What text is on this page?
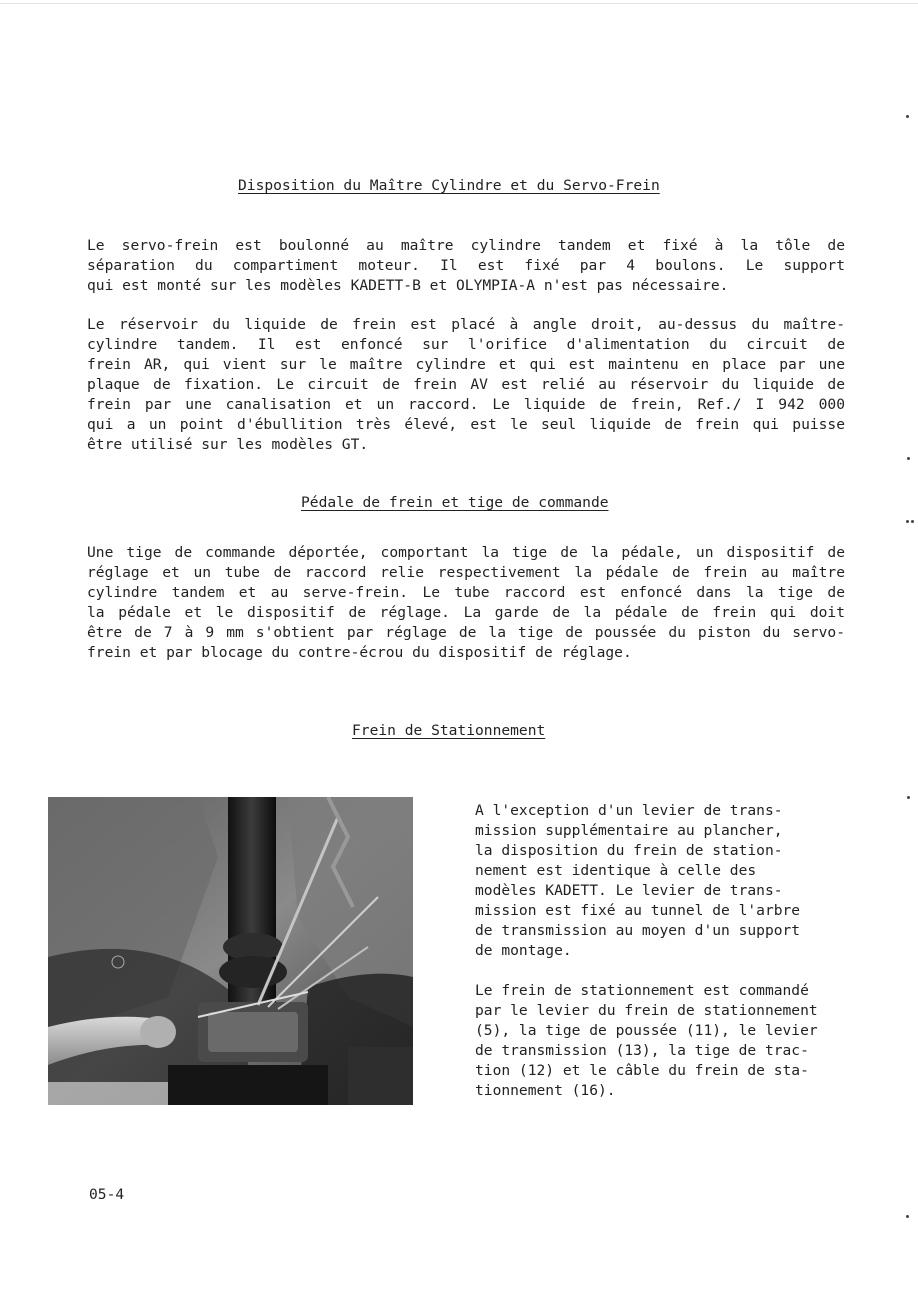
Disposition du Maître Cylindre et du Servo-Frein
Le servo-frein est boulonné au maître cylindre tandem et fixé à la tôle de
séparation du compartiment moteur. Il est fixé par 4 boulons. Le support
qui est monté sur les modèles KADETT-B et OLYMPIA-A n'est pas nécessaire.
Le réservoir du liquide de frein est placé à angle droit, au-dessus du maître-
cylindre tandem. Il est enfoncé sur l'orifice d'alimentation du circuit de
frein AR, qui vient sur le maître cylindre et qui est maintenu en place par une
plaque de fixation. Le circuit de frein AV est relié au réservoir du liquide de
frein par une canalisation et un raccord. Le liquide de frein, Ref./ I 942 000
qui a un point d'ébullition très élevé, est le seul liquide de frein qui puisse
être utilisé sur les modèles GT.
Pédale de frein et tige de commande
Une tige de commande déportée, comportant la tige de la pédale, un dispositif de
réglage et un tube de raccord relie respectivement la pédale de frein au maître
cylindre tandem et au serve-frein. Le tube raccord est enfoncé dans la tige de
la pédale et le dispositif de réglage. La garde de la pédale de frein qui doit
être de 7 à 9 mm s'obtient par réglage de la tige de poussée du piston du servo-
frein et par blocage du contre-écrou du dispositif de réglage.
Frein de Stationnement
A l'exception d'un levier de trans-
mission supplémentaire au plancher,
la disposition du frein de station-
nement est identique à celle des
modèles KADETT. Le levier de trans-
mission est fixé au tunnel de l'arbre
de transmission au moyen d'un support
de montage.
Le frein de stationnement est commandé
par le levier du frein de stationnement
(5), la tige de poussée (11), le levier
de transmission (13), la tige de trac-
tion (12) et le câble du frein de sta-
tionnement (16).
05-4
